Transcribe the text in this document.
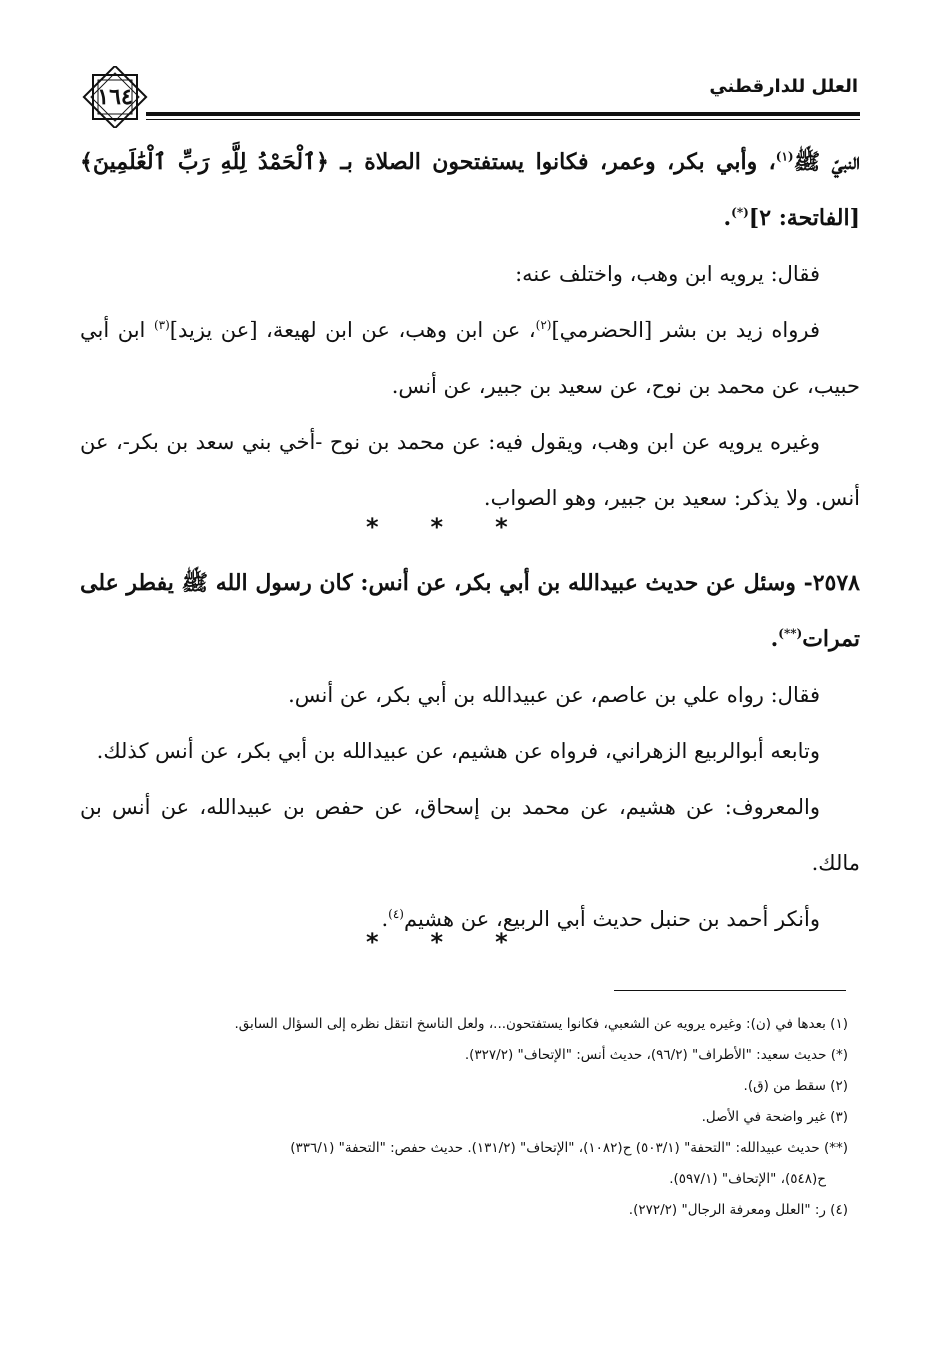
١٦٤	العلل للدارقطني

النبيّ ﷺ$^{(١)}$، وأبي بكر، وعمر، فكانوا يستفتحون الصلاة بـ ﴿ٱلْحَمْدُ لِلَّهِ رَبِّ ٱلْعَٰلَمِينَ﴾ [الفاتحة: ٢](*).

فقال: يرويه ابن وهب، واختلف عنه:

فرواه زيد بن بشر [الحضرمي]$^{(٢)}$، عن ابن وهب، عن ابن لهيعة، [عن يزيد]$^{(٣)}$ ابن أبي حبيب، عن محمد بن نوح، عن سعيد بن جبير، عن أنس.

وغيره يرويه عن ابن وهب، ويقول فيه: عن محمد بن نوح -أخي بني سعد بن بكر-، عن أنس. ولا يذكر: سعيد بن جبير، وهو الصواب.

***

٢٥٧٨- وسئل عن حديث عبيدالله بن أبي بكر، عن أنس: كان رسول الله ﷺ يفطر على تمرات(**).

فقال: رواه علي بن عاصم، عن عبيدالله بن أبي بكر، عن أنس.

وتابعه أبوالربيع الزهراني، فرواه عن هشيم، عن عبيدالله بن أبي بكر، عن أنس كذلك.

والمعروف: عن هشيم، عن محمد بن إسحاق، عن حفص بن عبيدالله، عن أنس بن مالك.

وأنكر أحمد بن حنبل حديث أبي الربيع، عن هشيم$^{(٤)}$.

***

(١) بعدها في (ن): وغيره يرويه عن الشعبي، فكانوا يستفتحون...، ولعل الناسخ انتقل نظره إلى السؤال السابق.

(*) حديث سعيد: "الأطراف" (٩٦/٢)، حديث أنس: "الإتحاف" (٣٢٧/٢).

(٢) سقط من (ق).

(٣) غير واضحة في الأصل.

(**) حديث عبيدالله: "التحفة" (٥٠٣/١) ح(١٠٨٢)، "الإتحاف" (١٣١/٢). حديث حفص: "التحفة" (٣٣٦/١)

ح(٥٤٨)، "الإتحاف" (٥٩٧/١).

(٤) ر: "العلل ومعرفة الرجال" (٢٧٢/٢).
